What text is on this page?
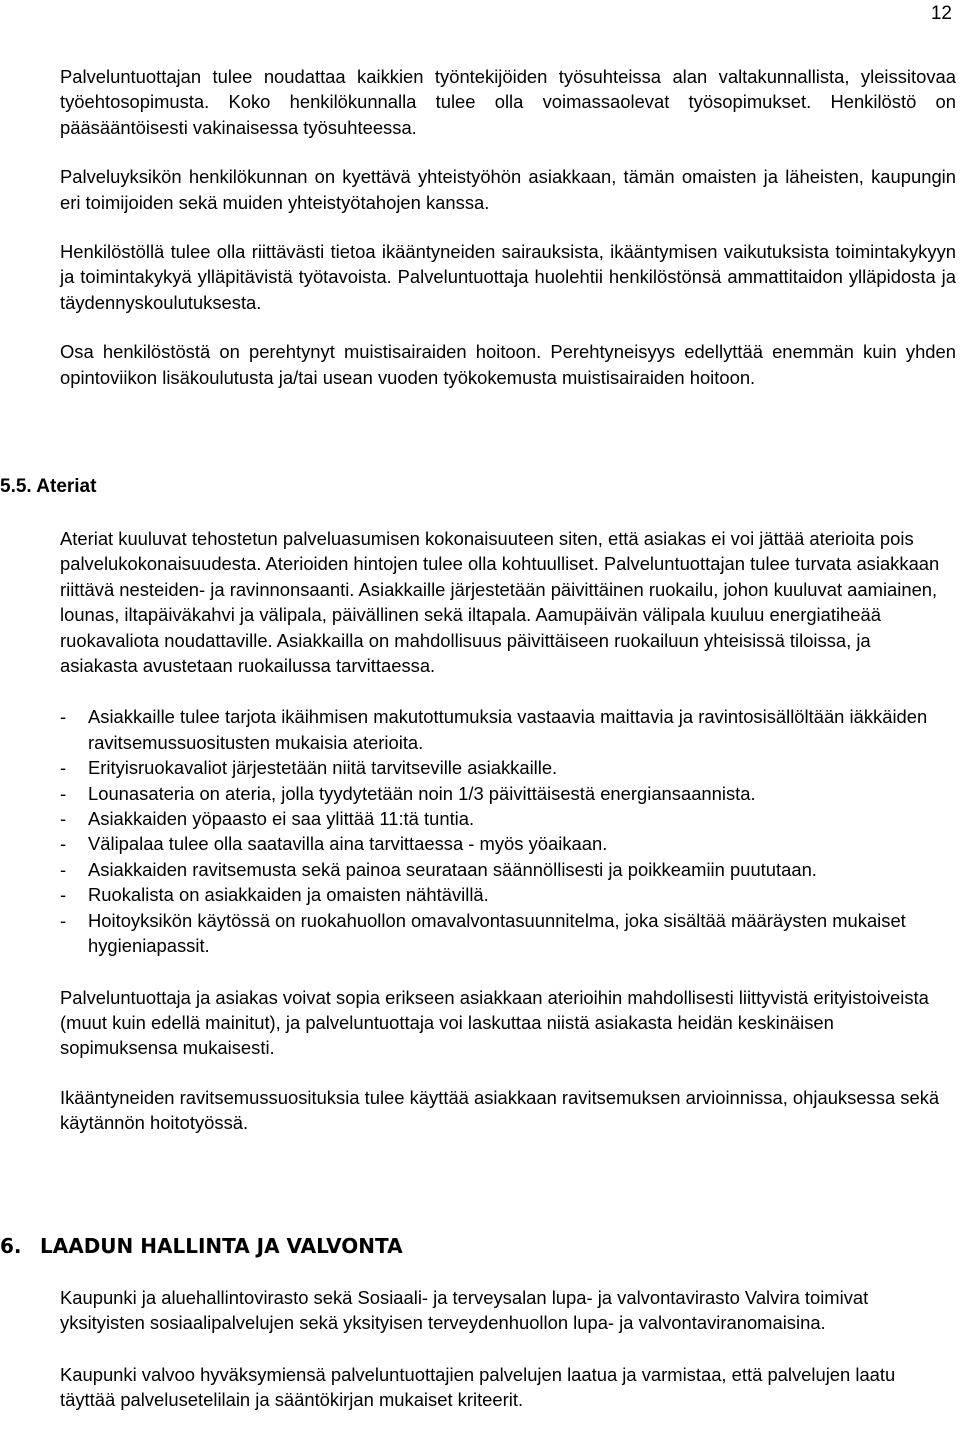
12

Palveluntuottajan tulee noudattaa kaikkien työntekijöiden työsuhteissa alan valtakunnallista, yleissitovaa työehtosopimusta. Koko henkilökunnalla tulee olla voimassaolevat työsopimukset. Henkilöstö on pääsääntöisesti vakinaisessa työsuhteessa.

Palveluyksikön henkilökunnan on kyettävä yhteistyöhön asiakkaan, tämän omaisten ja läheisten, kaupungin eri toimijoiden sekä muiden yhteistyötahojen kanssa.

Henkilöstöllä tulee olla riittävästi tietoa ikääntyneiden sairauksista, ikääntymisen vaikutuksista toimintakykyyn ja toimintakykyä ylläpitävistä työtavoista. Palveluntuottaja huolehtii henkilöstönsä ammattitaidon ylläpidosta ja täydennyskoulutuksesta.

Osa henkilöstöstä on perehtynyt muistisairaiden hoitoon. Perehtyneisyys edellyttää enemmän kuin yhden opintoviikon lisäkoulutusta ja/tai usean vuoden työkokemusta muistisairaiden hoitoon.

5.5. Ateriat

Ateriat kuuluvat tehostetun palveluasumisen kokonaisuuteen siten, että asiakas ei voi jättää aterioita pois palvelukokonaisuudesta. Aterioiden hintojen tulee olla kohtuulliset. Palveluntuottajan tulee turvata asiakkaan riittävä nesteiden- ja ravinnonsaanti. Asiakkaille järjestetään päivittäinen ruokailu, johon kuuluvat aamiainen, lounas, iltapäiväkahvi ja välipala, päivällinen sekä iltapala. Aamupäivän välipala kuuluu energiatiheää ruokavaliota noudattaville. Asiakkailla on mahdollisuus päivittäiseen ruokailuun yhteisissä tiloissa, ja asiakasta avustetaan ruokailussa tarvittaessa.

- Asiakkaille tulee tarjota ikäihmisen makutottumuksia vastaavia maittavia ja ravintosisällöltään iäkkäiden ravitsemussuositusten mukaisia aterioita.
- Erityisruokavaliot järjestetään niitä tarvitseville asiakkaille.
- Lounasateria on ateria, jolla tyydytetään noin 1/3 päivittäisestä energiansaannista.
- Asiakkaiden yöpaasto ei saa ylittää 11:tä tuntia.
- Välipalaa tulee olla saatavilla aina tarvittaessa - myös yöaikaan.
- Asiakkaiden ravitsemusta sekä painoa seurataan säännöllisesti ja poikkeamiin puututaan.
- Ruokalista on asiakkaiden ja omaisten nähtävillä.
- Hoitoyksikön käytössä on ruokahuollon omavalvontasuunnitelma, joka sisältää määräysten mukaiset hygieniapassit.

Palveluntuottaja ja asiakas voivat sopia erikseen asiakkaan aterioihin mahdollisesti liittyvistä erityistoiveista (muut kuin edellä mainitut), ja palveluntuottaja voi laskuttaa niistä asiakasta heidän keskinäisen sopimuksensa mukaisesti.

Ikääntyneiden ravitsemussuosituksia tulee käyttää asiakkaan ravitsemuksen arvioinnissa, ohjauksessa sekä käytännön hoitotyössä.

6. LAADUN HALLINTA JA VALVONTA

Kaupunki ja aluehallintovirasto sekä Sosiaali- ja terveysalan lupa- ja valvontavirasto Valvira toimivat yksityisten sosiaalipalvelujen sekä yksityisen terveydenhuollon lupa- ja valvontaviranomaisina.

Kaupunki valvoo hyväksymiensä palveluntuottajien palvelujen laatua ja varmistaa, että palvelujen laatu täyttää palvelusetelilain ja sääntökirjan mukaiset kriteerit.
